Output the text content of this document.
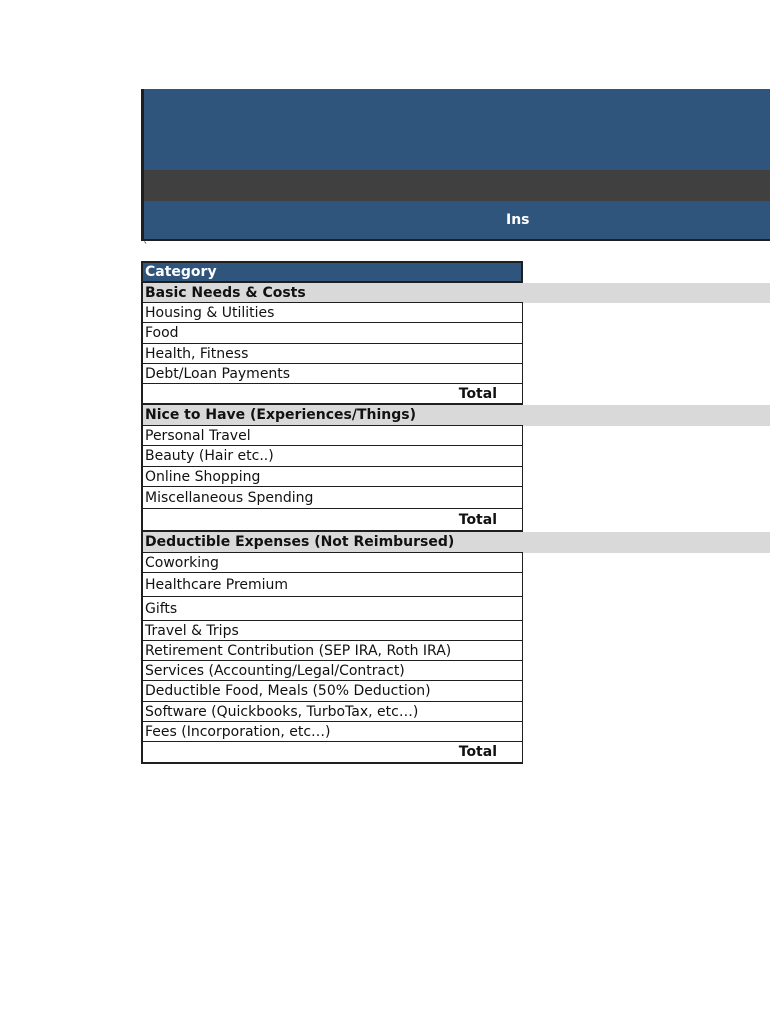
Ins
`
Category
Basic Needs & Costs
Housing & Utilities
Food
Health, Fitness
Debt/Loan Payments
Total
Nice to Have (Experiences/Things)
Personal Travel
Beauty (Hair etc..)
Online Shopping
Miscellaneous Spending
Total
Deductible Expenses (Not Reimbursed)
Coworking
Healthcare Premium
Gifts
Travel & Trips
Retirement Contribution (SEP IRA, Roth IRA)
Services (Accounting/Legal/Contract)
Deductible Food, Meals (50% Deduction)
Software (Quickbooks, TurboTax, etc…)
Fees (Incorporation, etc…)
Total
